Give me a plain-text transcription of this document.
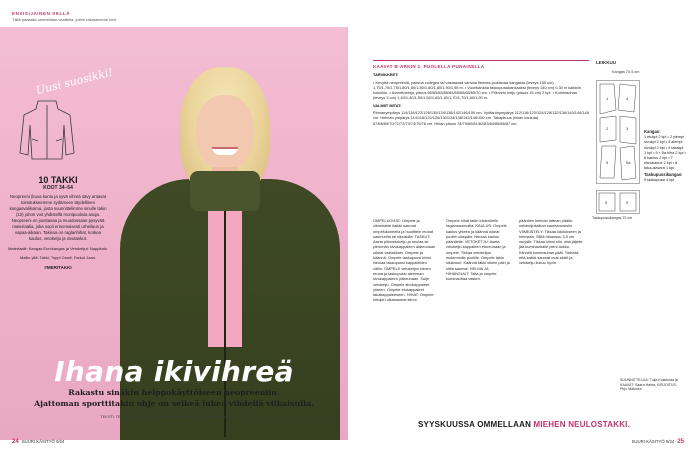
ENSISIJAINEN SELLÄ
Tällä palstalla ommellaan vaatteita, joihin rakastumme heti.
Uusi suosikki!
10 TAKKI
KOOT 34–54
Neopreeni (kuva kuntu ja syvä vihreä sävy antavat toimitukseemme sydämeen täydellinen kangasvalikoima, josta suunnittelimme sinulle takin (10) johon voit yhdistellä monipuolisia asuja. Neopreeni on joustavaa ja muodossaan pysyvää materiaalia, joka sopii erinomaisesti urheiluun ja vapaa-aikaan. Takissa on raglanhihat, korkea kaulus, vetoketju ja sivutaskut.
Materiaalit: Kangas Eurokangas ja Vetoketjut: Nappitalo.
Mallin yllä: Takki, Toppi Cewif, Farkut Jaan.
#MERITAKKI
Ihana ikivihreä
Rakastu sinäkin helppokäyttöiseen neopreeniin.
Ajattoman sporttitakin ohje on selkeä lukea vihdellä vilkaisulla.
TEKSTI TERHI PORTA KUVAT NIINA PORTA HIUKSET JA MEIKKI NIINA PORTA
24 SUURI KÄSITYÖ 9/24
KAAVAT B-ARKIN 2. PUOLELLA PUNAISELLA

TARVIKKEET:

• Kevyttä neopreeniä, paksua collegea tai vastaavaa vahvaa fleecea joustavaa kangasta (leveys 150 cm) 1,75/1,75/1,75/1,80/1,80/1,80/1,80/1,80/1,90/1,95 m. • Vuorikankaa taskupussikankaaksi (leveys 140 cm) 0,30 m kaikkiin kokoihin. • Avovetoketju, pituus 65/65/65/65/65/65/65/65/65/70 cm. • Pilloveto ketju (pituus 15 cm) 2 kpl. • Kuminauhaa (leveys 3 cm) 1,40/1,40/1,50/1,50/1,60/1,60/1,70/1,70/1,80/1,90 m.

VALMIIT MITAT:

Rinnanympärys 114/118/122/126/130/134/138/142/146/150 cm. Vyötärönympärys 112/116/120/124/128/132/136/140/144/148 cm. Helman ympärys 114/118/122/126/130/134/138/142/146/150 cm. Takapituus (ilman kauluta) 67/68/69/70/71/72/73/74/75/76 cm. Hihan pituus 78/79/80/81/82/83/84/85/86/87 cm.

OMPELUOHJE: Ompele ja viimeistele kaikki saumat ompelukoneella ja huolittele reunat saumurilla tai siksakilla. TASKUT: Aseta piilovetoketju ja neulaa se ylemmän sivukappaleen alareunaan oikeat vastakkain. Ompele ja käännä. Ompele taskupussi kiinni. Neulaa taskupussi kappaleiden väliin. OMPELE vetoketjun toinen reuna ja taskupussi alemman sivukappaleen yläreunaan. Sulje vetoketju. Ompele sivukappaleet yhteen. Ompele etukappaleet takakappaleeseen. HIHAT: Ompele hihojen olkasaumat kiinni.
Ompele hihat takin kädentielle raglansaumoilla. KAULUS: Ompele kaulus yhteen ja käännä oikeat puolet ulospäin. Neulaa kaulus pääntielle. VETOKETJU: Aseta vetoketju kappaleen etureunaan ja ompele. Tikkaa vetoketjun molemmille puolille. Ompele takin sisävuori. Käännä takki oikein päin ja silitä saumat. HELMA JA HIHANSUUT: Taita ja ompele kuminauhaa vasten.
pääntien helman lattean päälle, vetoketjukalkon saumanvarsiin. VIIMEISTELY: Tikkaa kaulukseen ja helmaan. Silitä hihansuu 3,5 cm nurjalle. Tikkaa kiinni niin, että jäljelle jää kuminauhalle pieni aukko. Kiinnitä kuminauhan päät. Tarkista, että kaikki saumat ovat siistit ja vetoketju liukuu hyvin.
LEIKKUU
Kangas 70,5 cm
1	4
2	3
5	5a
9	9
Taskupussikangas 70 cm
Kangas:
1 etukpl 2 kpl • 2 ylempi sivukpl 2 kpl • 3 alempi sivukpl 2 kpl • 4 takakpl 1 kpl • 5 + 5a hiha 2 kpl • 6 kaulus 2 kpl • 7 etuvalanne 2 kpl • 8 taka-alavara 1 kpl
Taskupussikangas:
9 taskupussi 4 kpl
SUUNNITTELIJA: Tuija Koskimaa ja KAAVAT: Saara Hahta, KIRJOITUS: Pirjo Mäkinen
SYYSKUUSSA OMMELLAAN MIEHEN NEULOSTAKKI.
SUURI KÄSITYÖ 9/24 25
